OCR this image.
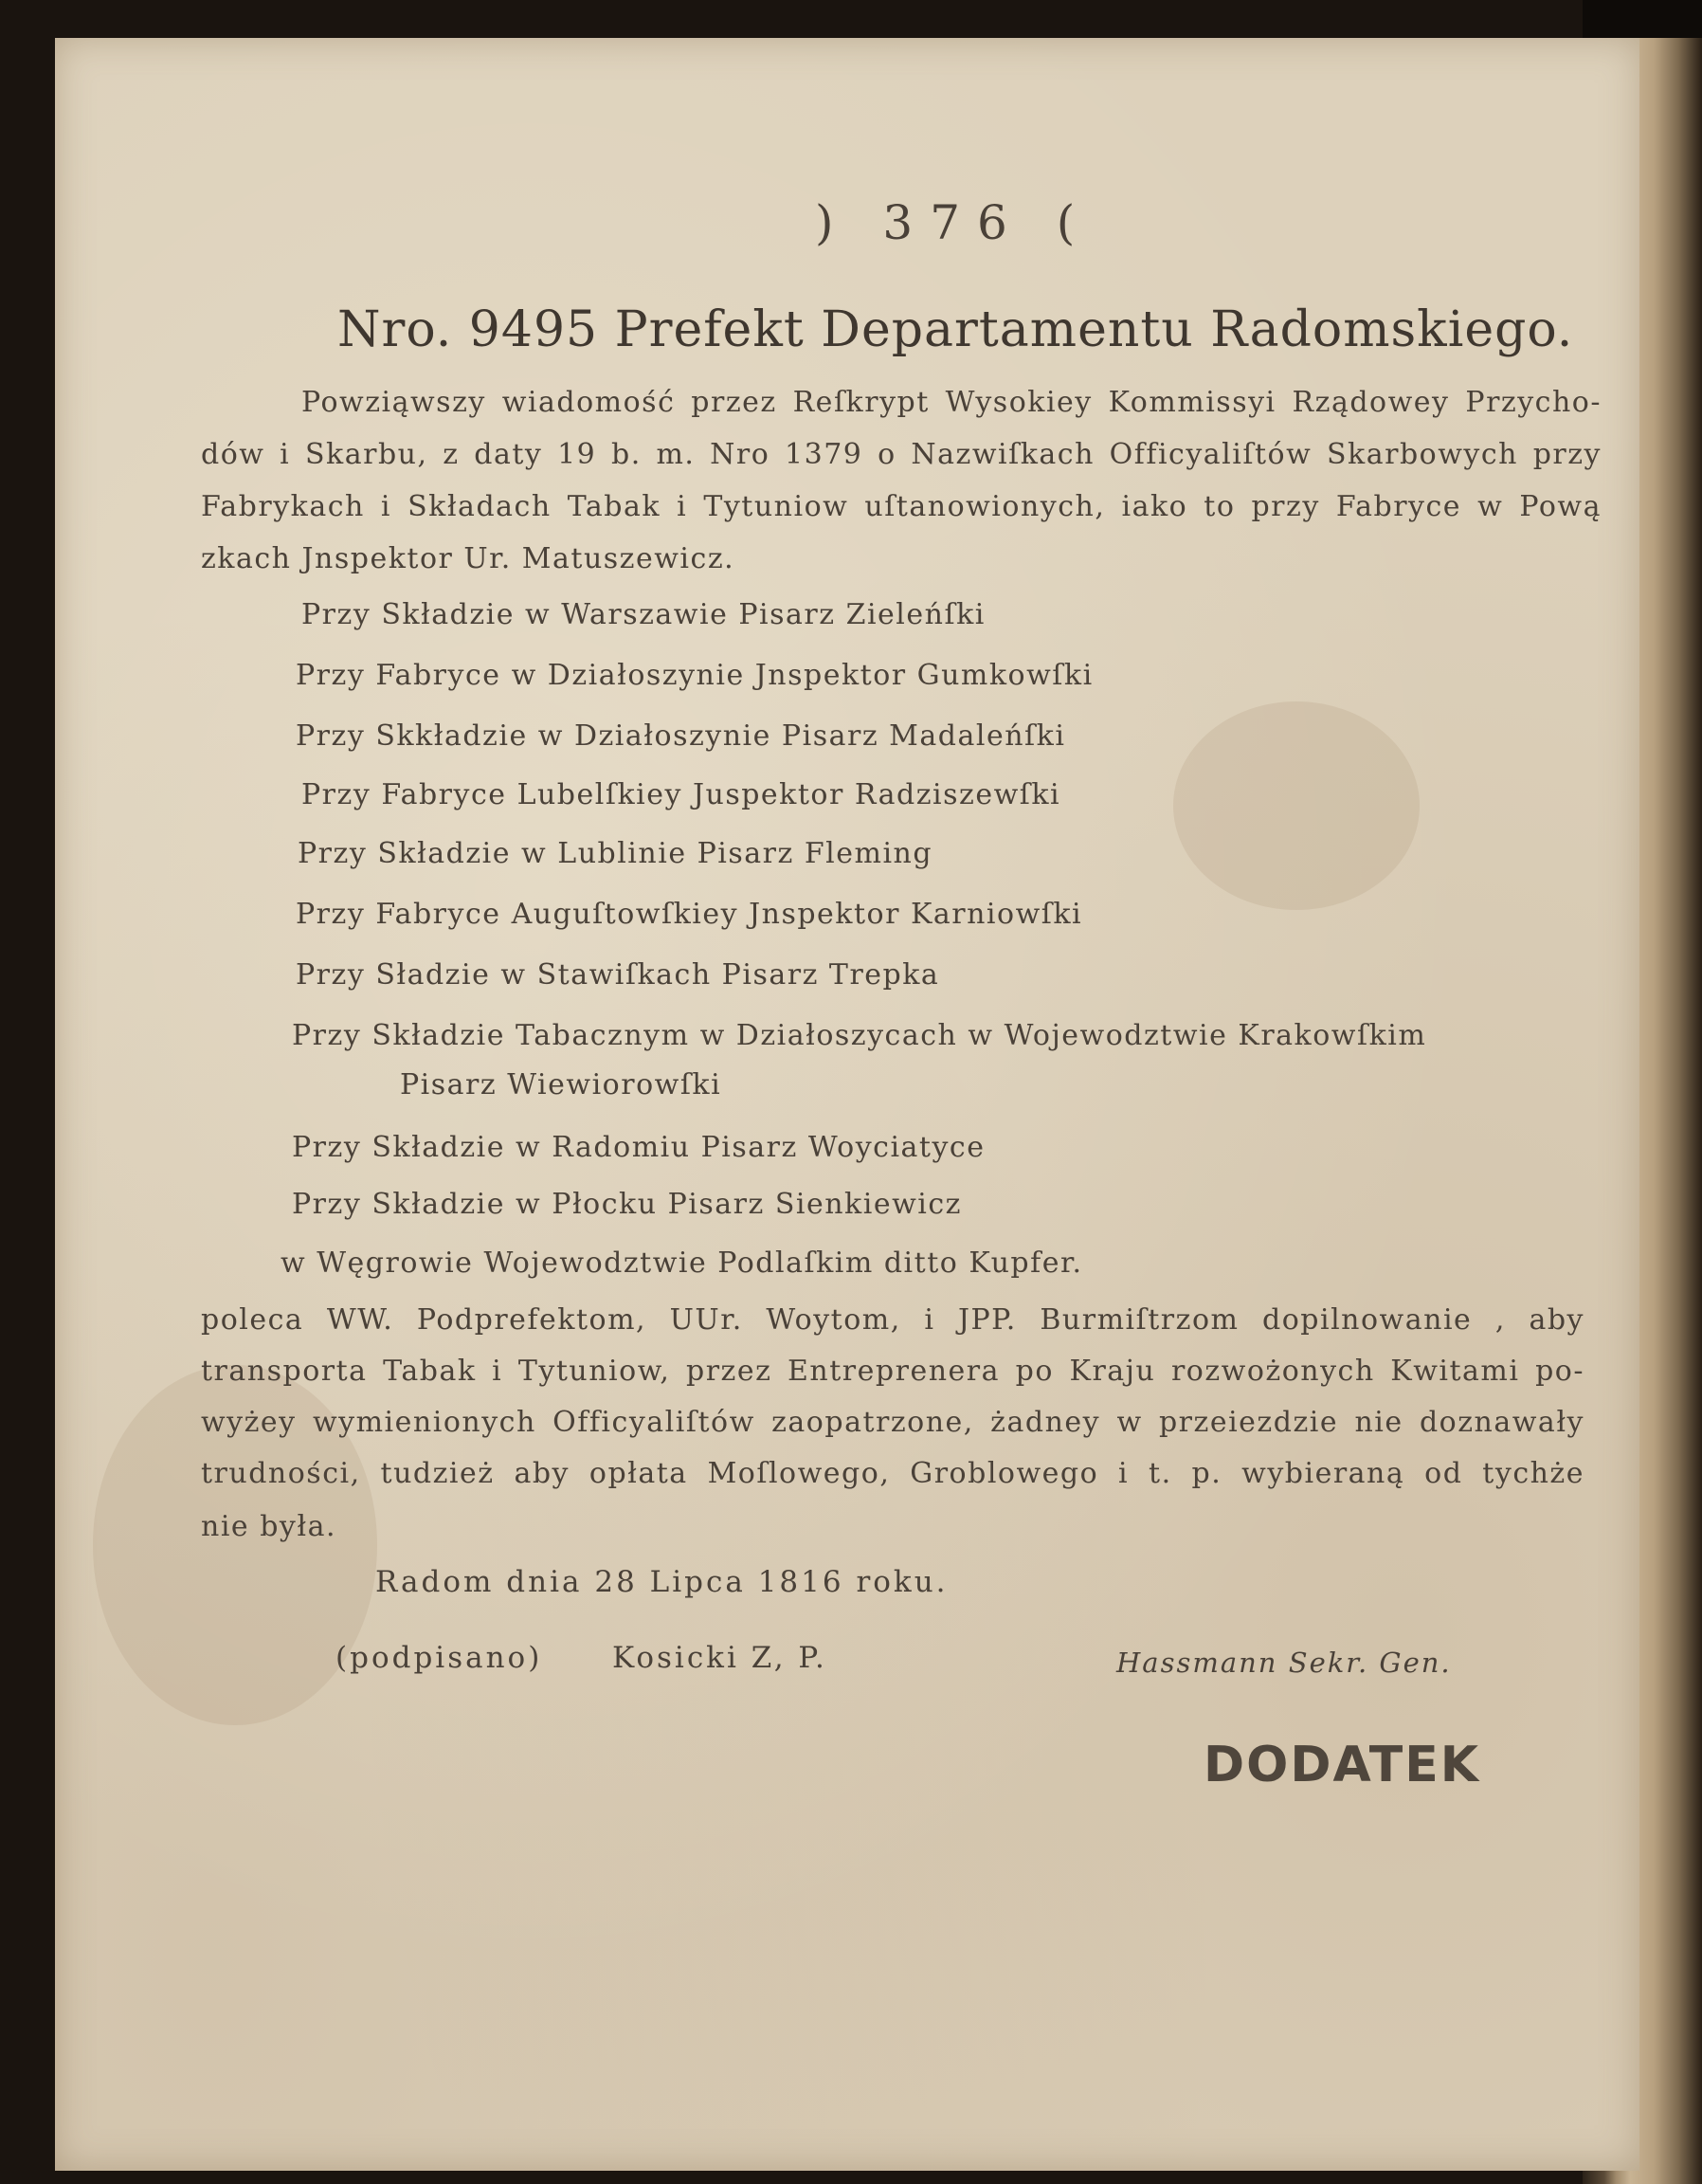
) 376 (
Nro. 9495 Prefekt Departamentu Radomskiego.
Powziąwszy wiadomość przez Reſkrypt Wysokiey Kommissyi Rządowey Przycho-
dów i Skarbu, z daty 19 b. m. Nro 1379 o Nazwiſkach Officyaliſtów Skarbowych przy
Fabrykach i Składach Tabak i Tytuniow uſtanowionych, iako to przy Fabryce w Pową
zkach Jnspektor Ur. Matuszewicz.
Przy Składzie w Warszawie Pisarz Zieleńſki
Przy Fabryce w Działoszynie Jnspektor Gumkowſki
Przy Skkładzie w Działoszynie Pisarz Madaleńſki
Przy Fabryce Lubelſkiey Juspektor Radziszewſki
Przy Składzie w Lublinie Pisarz Fleming
Przy Fabryce Auguſtowſkiey Jnspektor Karniowſki
Przy Sładzie w Stawiſkach Pisarz Trepka
Przy Składzie Tabacznym w Działoszycach w Wojewodztwie Krakowſkim
Pisarz Wiewiorowſki
Przy Składzie w Radomiu Pisarz Woyciatyce
Przy Składzie w Płocku Pisarz Sienkiewicz
w Węgrowie Wojewodztwie Podlaſkim ditto Kupfer.
poleca WW. Podprefektom, UUr. Woytom, i JPP. Burmiſtrzom dopilnowanie , aby
transporta Tabak i Tytuniow, przez Entreprenera po Kraju rozwożonych Kwitami po-
wyżey wymienionych Officyaliſtów zaopatrzone, żadney w przeiezdzie nie doznawały
trudności, tudzież aby opłata Moſlowego, Groblowego i t. p. wybieraną od tychże
nie była.
Radom dnia 28 Lipca 1816 roku.
(podpisano) Kosicki Z, P.	Hassmann Sekr. Gen.
DODATEK
